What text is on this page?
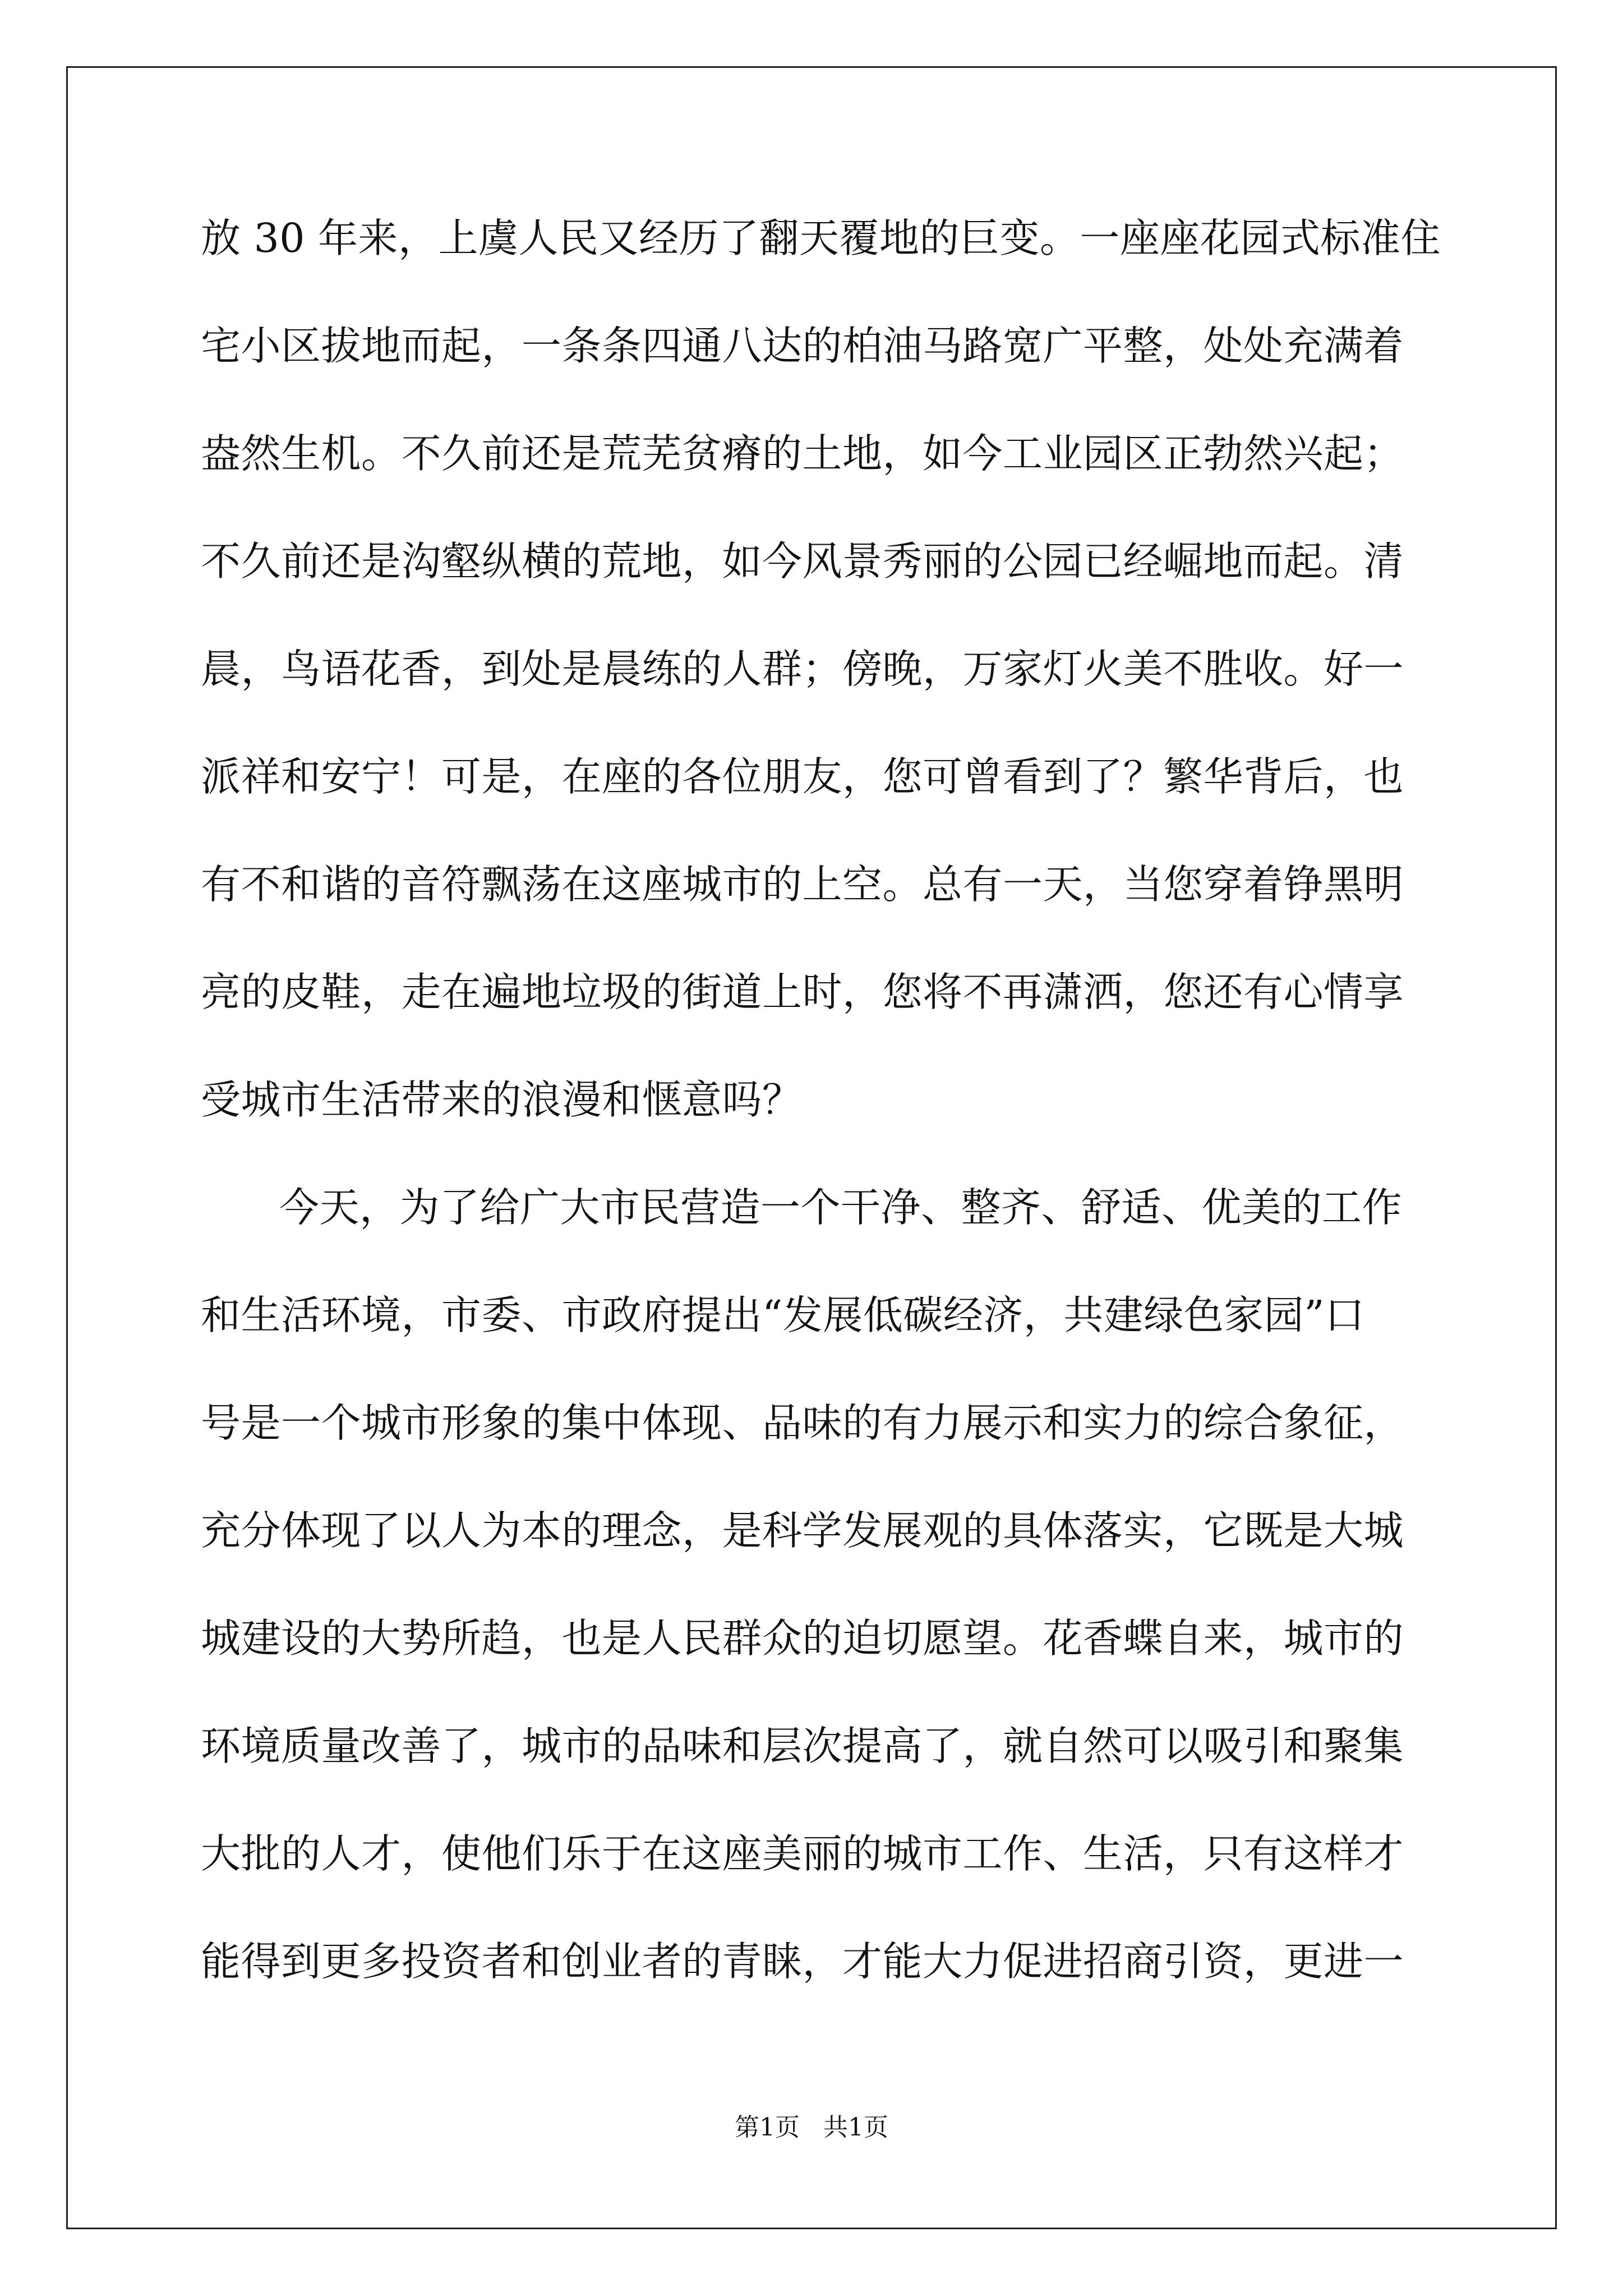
放 30 年来，上虞人民又经历了翻天覆地的巨变。一座座花园式标准住
宅小区拔地而起，一条条四通八达的柏油马路宽广平整，处处充满着
盎然生机。不久前还是荒芜贫瘠的土地，如今工业园区正勃然兴起；
不久前还是沟壑纵横的荒地，如今风景秀丽的公园已经崛地而起。清
晨，鸟语花香，到处是晨练的人群；傍晚，万家灯火美不胜收。好一
派祥和安宁！可是，在座的各位朋友，您可曾看到了？繁华背后，也
有不和谐的音符飘荡在这座城市的上空。总有一天，当您穿着铮黑明
亮的皮鞋，走在遍地垃圾的街道上时，您将不再潇洒，您还有心情享
受城市生活带来的浪漫和惬意吗？
今天，为了给广大市民营造一个干净、整齐、舒适、优美的工作
和生活环境，市委、市政府提出“发展低碳经济，共建绿色家园”口
号是一个城市形象的集中体现、品味的有力展示和实力的综合象征，
充分体现了以人为本的理念，是科学发展观的具体落实，它既是大城
城建设的大势所趋，也是人民群众的迫切愿望。花香蝶自来，城市的
环境质量改善了，城市的品味和层次提高了，就自然可以吸引和聚集
大批的人才，使他们乐于在这座美丽的城市工作、生活，只有这样才
能得到更多投资者和创业者的青睐，才能大力促进招商引资，更进一
第1页   共1页
